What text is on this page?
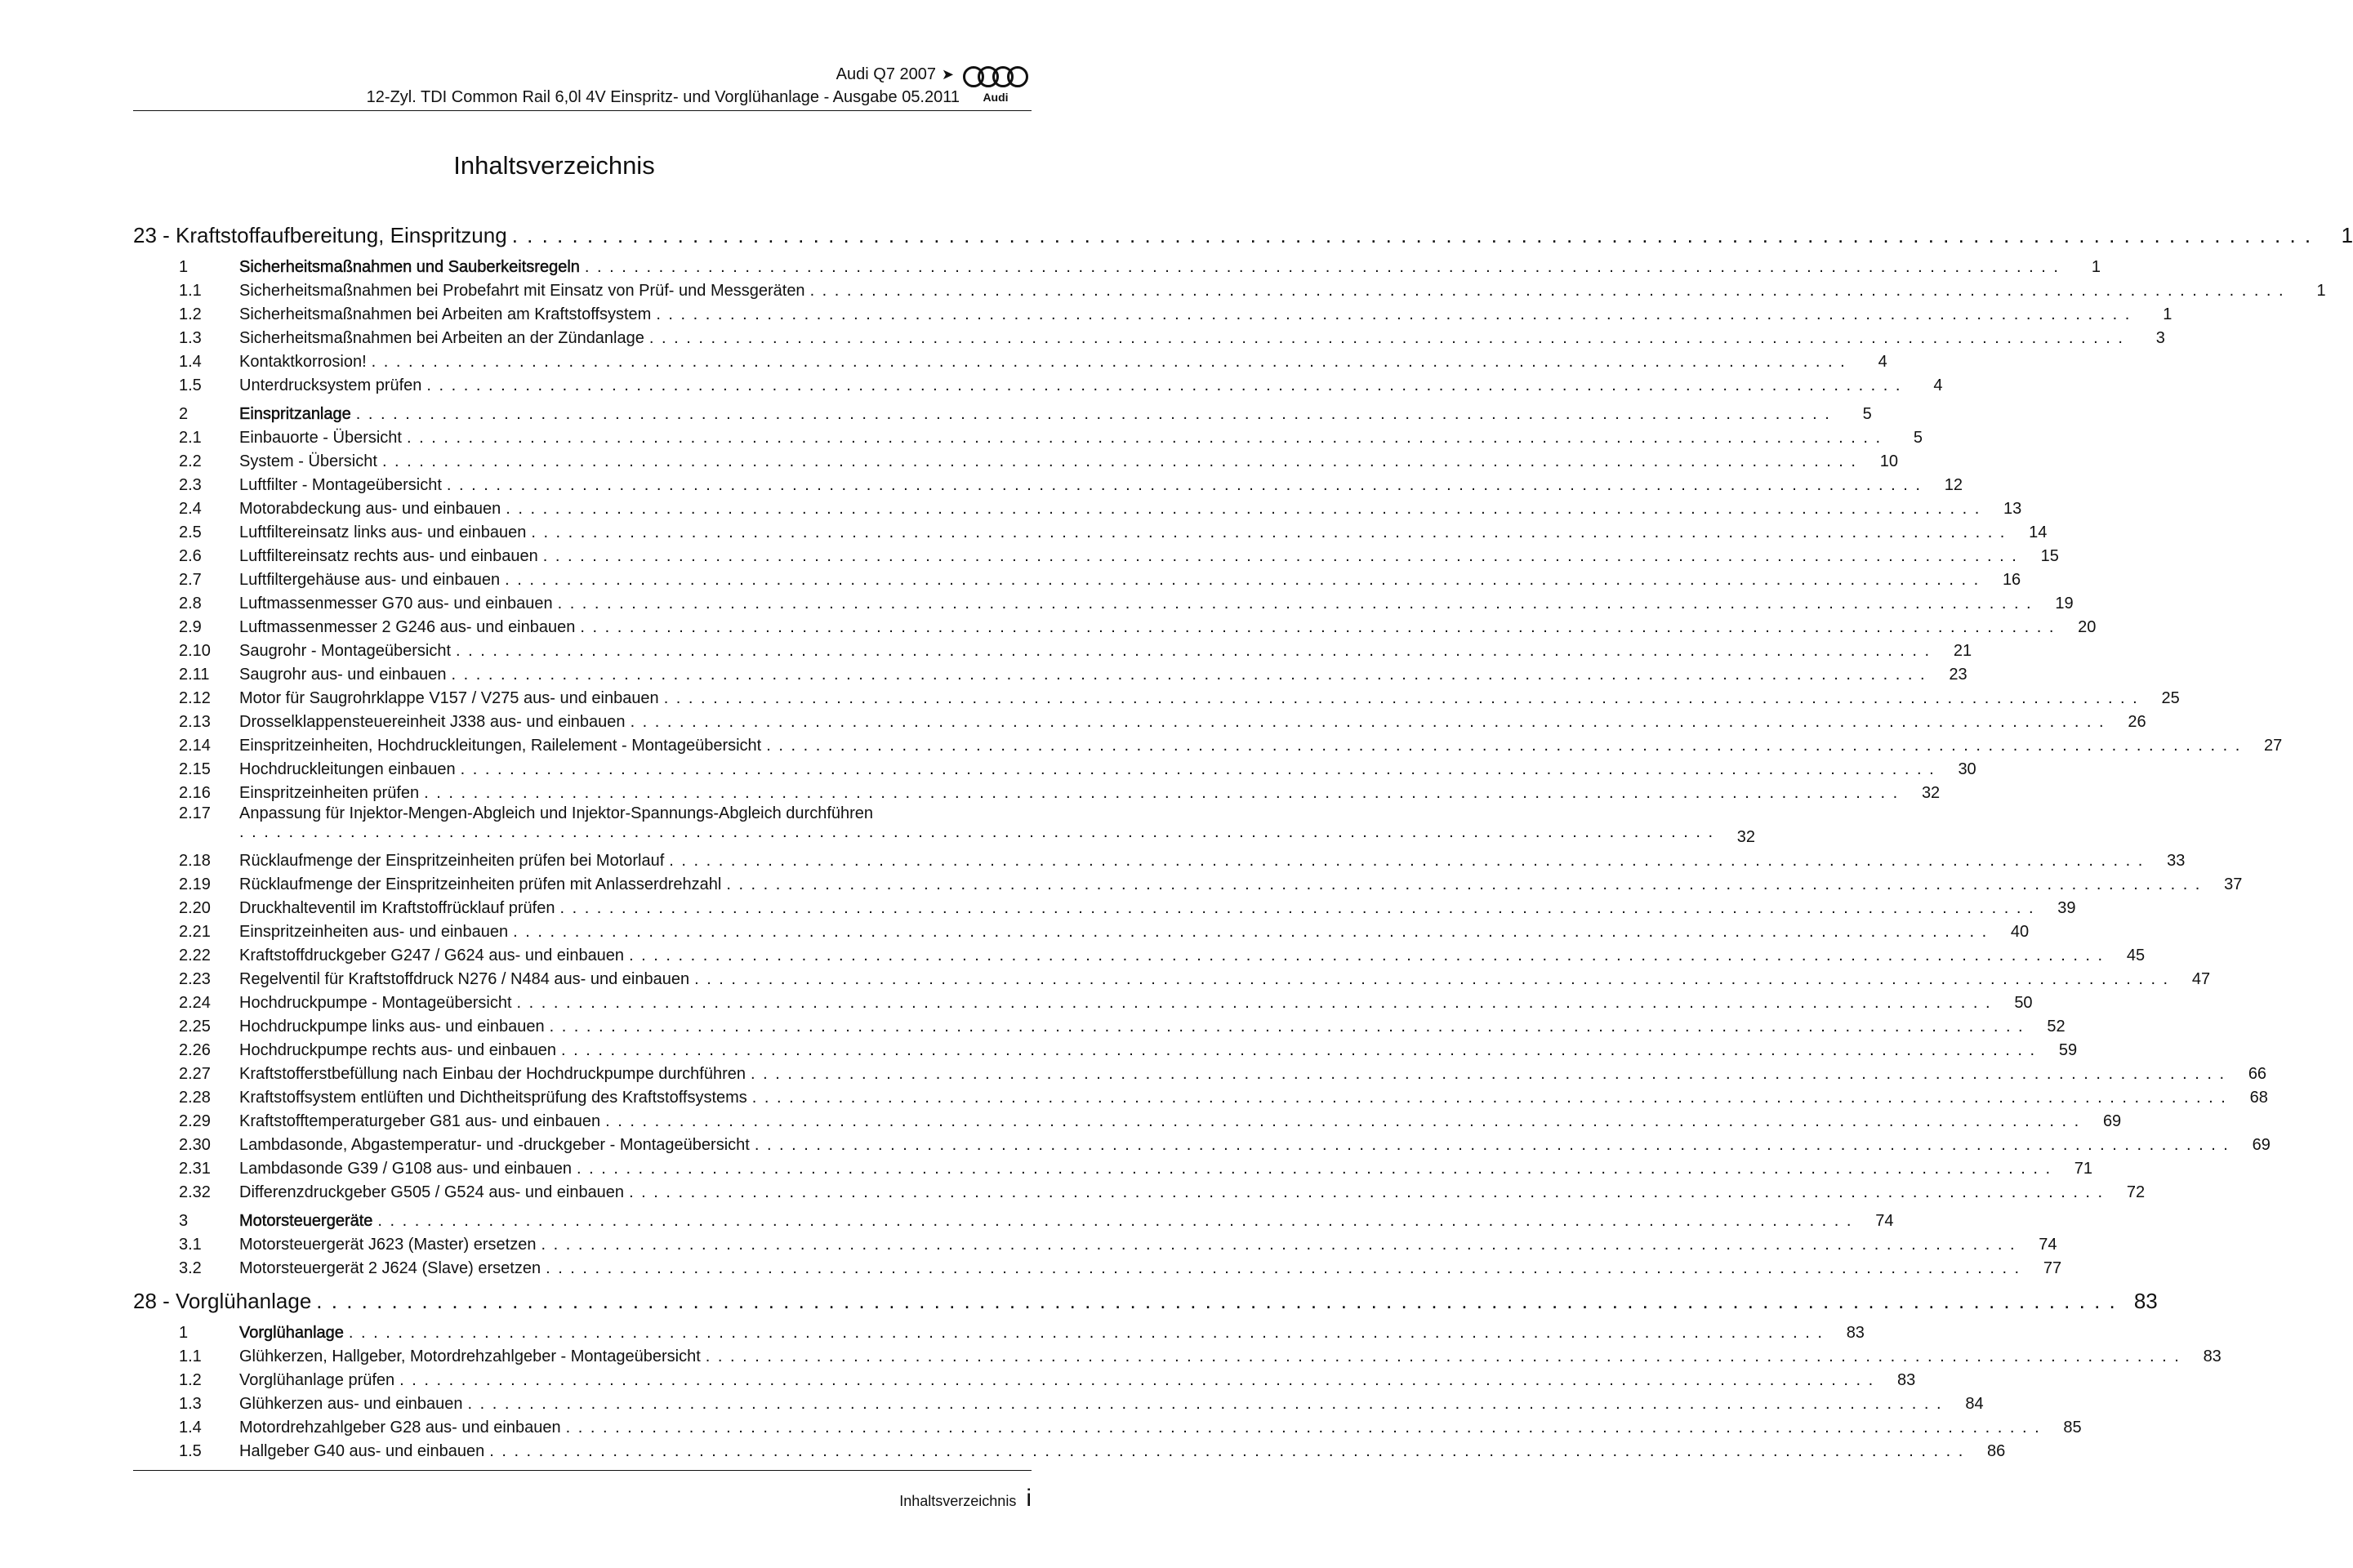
Audi Q7 2007 ➤
12-Zyl. TDI Common Rail 6,0l 4V Einspritz- und Vorglühanlage - Ausgabe 05.2011 Audi
Inhaltsverzeichnis
23 - Kraftstoffaufbereitung, Einspritzung . . . . . . . . . . . . . . . . . . . . . . . . . . . . . . . . . . . . . . . . . . . . . . . . . . . . . . . . . . . . . . . . . . . . . . . . . . . . . . . . . . . . . . . . . . . . . . . . . . . . . . . . . . . . . . . . . . . . . . . .	1
1	Sicherheitsmaßnahmen und Sauberkeitsregeln . . . . . . . . . . . . . . . . . . . . . . . . . . . . . . . . . . . . . . . . . . . . . . . . . . . . . . . . . . . . . . . . . . . . . . . . . . . . . . . . . . . . . . . . . . . . . . . . . . . . . . . . . . . . . . . . . . . . . . . .	1
1.1	Sicherheitsmaßnahmen bei Probefahrt mit Einsatz von Prüf- und Messgeräten . . . . . . . . . . . . . . . . . . . . . . . . . . . . . . . . . . . . . . . . . . . . . . . . . . . . . . . . . . . . . . . . . . . . . . . . . . . . . . . . . . . . . . . . . . . . . . . . . . . . . . . . . . . . . . . . . . . . . . . .	1
1.2	Sicherheitsmaßnahmen bei Arbeiten am Kraftstoffsystem . . . . . . . . . . . . . . . . . . . . . . . . . . . . . . . . . . . . . . . . . . . . . . . . . . . . . . . . . . . . . . . . . . . . . . . . . . . . . . . . . . . . . . . . . . . . . . . . . . . . . . . . . . . . . . . . . . . . . . . .	1
1.3	Sicherheitsmaßnahmen bei Arbeiten an der Zündanlage . . . . . . . . . . . . . . . . . . . . . . . . . . . . . . . . . . . . . . . . . . . . . . . . . . . . . . . . . . . . . . . . . . . . . . . . . . . . . . . . . . . . . . . . . . . . . . . . . . . . . . . . . . . . . . . . . . . . . . . .	3
1.4	Kontaktkorrosion! . . . . . . . . . . . . . . . . . . . . . . . . . . . . . . . . . . . . . . . . . . . . . . . . . . . . . . . . . . . . . . . . . . . . . . . . . . . . . . . . . . . . . . . . . . . . . . . . . . . . . . . . . . . . . . . . . . . . . . . .	4
1.5	Unterdrucksystem prüfen . . . . . . . . . . . . . . . . . . . . . . . . . . . . . . . . . . . . . . . . . . . . . . . . . . . . . . . . . . . . . . . . . . . . . . . . . . . . . . . . . . . . . . . . . . . . . . . . . . . . . . . . . . . . . . . . . . . . . . . .	4
2	Einspritzanlage . . . . . . . . . . . . . . . . . . . . . . . . . . . . . . . . . . . . . . . . . . . . . . . . . . . . . . . . . . . . . . . . . . . . . . . . . . . . . . . . . . . . . . . . . . . . . . . . . . . . . . . . . . . . . . . . . . . . . . . .	5
2.1	Einbauorte - Übersicht . . . . . . . . . . . . . . . . . . . . . . . . . . . . . . . . . . . . . . . . . . . . . . . . . . . . . . . . . . . . . . . . . . . . . . . . . . . . . . . . . . . . . . . . . . . . . . . . . . . . . . . . . . . . . . . . . . . . . . . .	5
2.2	System - Übersicht . . . . . . . . . . . . . . . . . . . . . . . . . . . . . . . . . . . . . . . . . . . . . . . . . . . . . . . . . . . . . . . . . . . . . . . . . . . . . . . . . . . . . . . . . . . . . . . . . . . . . . . . . . . . . . . . . . . . . . . .	10
2.3	Luftfilter - Montageübersicht . . . . . . . . . . . . . . . . . . . . . . . . . . . . . . . . . . . . . . . . . . . . . . . . . . . . . . . . . . . . . . . . . . . . . . . . . . . . . . . . . . . . . . . . . . . . . . . . . . . . . . . . . . . . . . . . . . . . . . . .	12
2.4	Motorabdeckung aus- und einbauen . . . . . . . . . . . . . . . . . . . . . . . . . . . . . . . . . . . . . . . . . . . . . . . . . . . . . . . . . . . . . . . . . . . . . . . . . . . . . . . . . . . . . . . . . . . . . . . . . . . . . . . . . . . . . . . . . . . . . . . .	13
2.5	Luftfiltereinsatz links aus- und einbauen . . . . . . . . . . . . . . . . . . . . . . . . . . . . . . . . . . . . . . . . . . . . . . . . . . . . . . . . . . . . . . . . . . . . . . . . . . . . . . . . . . . . . . . . . . . . . . . . . . . . . . . . . . . . . . . . . . . . . . . .	14
2.6	Luftfiltereinsatz rechts aus- und einbauen . . . . . . . . . . . . . . . . . . . . . . . . . . . . . . . . . . . . . . . . . . . . . . . . . . . . . . . . . . . . . . . . . . . . . . . . . . . . . . . . . . . . . . . . . . . . . . . . . . . . . . . . . . . . . . . . . . . . . . . .	15
2.7	Luftfiltergehäuse aus- und einbauen . . . . . . . . . . . . . . . . . . . . . . . . . . . . . . . . . . . . . . . . . . . . . . . . . . . . . . . . . . . . . . . . . . . . . . . . . . . . . . . . . . . . . . . . . . . . . . . . . . . . . . . . . . . . . . . . . . . . . . . .	16
2.8	Luftmassenmesser G70 aus- und einbauen . . . . . . . . . . . . . . . . . . . . . . . . . . . . . . . . . . . . . . . . . . . . . . . . . . . . . . . . . . . . . . . . . . . . . . . . . . . . . . . . . . . . . . . . . . . . . . . . . . . . . . . . . . . . . . . . . . . . . . . .	19
2.9	Luftmassenmesser 2 G246 aus- und einbauen . . . . . . . . . . . . . . . . . . . . . . . . . . . . . . . . . . . . . . . . . . . . . . . . . . . . . . . . . . . . . . . . . . . . . . . . . . . . . . . . . . . . . . . . . . . . . . . . . . . . . . . . . . . . . . . . . . . . . . . .	20
2.10	Saugrohr - Montageübersicht . . . . . . . . . . . . . . . . . . . . . . . . . . . . . . . . . . . . . . . . . . . . . . . . . . . . . . . . . . . . . . . . . . . . . . . . . . . . . . . . . . . . . . . . . . . . . . . . . . . . . . . . . . . . . . . . . . . . . . . .	21
2.11	Saugrohr aus- und einbauen . . . . . . . . . . . . . . . . . . . . . . . . . . . . . . . . . . . . . . . . . . . . . . . . . . . . . . . . . . . . . . . . . . . . . . . . . . . . . . . . . . . . . . . . . . . . . . . . . . . . . . . . . . . . . . . . . . . . . . . .	23
2.12	Motor für Saugrohrklappe V157 / V275 aus- und einbauen . . . . . . . . . . . . . . . . . . . . . . . . . . . . . . . . . . . . . . . . . . . . . . . . . . . . . . . . . . . . . . . . . . . . . . . . . . . . . . . . . . . . . . . . . . . . . . . . . . . . . . . . . . . . . . . . . . . . . . . .	25
2.13	Drosselklappensteuereinheit J338 aus- und einbauen . . . . . . . . . . . . . . . . . . . . . . . . . . . . . . . . . . . . . . . . . . . . . . . . . . . . . . . . . . . . . . . . . . . . . . . . . . . . . . . . . . . . . . . . . . . . . . . . . . . . . . . . . . . . . . . . . . . . . . . .	26
2.14	Einspritzeinheiten, Hochdruckleitungen, Railelement - Montageübersicht . . . . . . . . . . . . . . . . . . . . . . . . . . . . . . . . . . . . . . . . . . . . . . . . . . . . . . . . . . . . . . . . . . . . . . . . . . . . . . . . . . . . . . . . . . . . . . . . . . . . . . . . . . . . . . . . . . . . . . . .	27
2.15	Hochdruckleitungen einbauen . . . . . . . . . . . . . . . . . . . . . . . . . . . . . . . . . . . . . . . . . . . . . . . . . . . . . . . . . . . . . . . . . . . . . . . . . . . . . . . . . . . . . . . . . . . . . . . . . . . . . . . . . . . . . . . . . . . . . . . .	30
2.16	Einspritzeinheiten prüfen . . . . . . . . . . . . . . . . . . . . . . . . . . . . . . . . . . . . . . . . . . . . . . . . . . . . . . . . . . . . . . . . . . . . . . . . . . . . . . . . . . . . . . . . . . . . . . . . . . . . . . . . . . . . . . . . . . . . . . . .	32
2.17	Anpassung für Injektor-Mengen-Abgleich und Injektor-Spannungs-Abgleich durchführen
. . . . . . . . . . . . . . . . . . . . . . . . . . . . . . . . . . . . . . . . . . . . . . . . . . . . . . . . . . . . . . . . . . . . . . . . . . . . . . . . . . . . . . . . . . . . . . . . . . . . . . . . . . . . . . . . . . . . . . . .	32
2.18	Rücklaufmenge der Einspritzeinheiten prüfen bei Motorlauf . . . . . . . . . . . . . . . . . . . . . . . . . . . . . . . . . . . . . . . . . . . . . . . . . . . . . . . . . . . . . . . . . . . . . . . . . . . . . . . . . . . . . . . . . . . . . . . . . . . . . . . . . . . . . . . . . . . . . . . .	33
2.19	Rücklaufmenge der Einspritzeinheiten prüfen mit Anlasserdrehzahl . . . . . . . . . . . . . . . . . . . . . . . . . . . . . . . . . . . . . . . . . . . . . . . . . . . . . . . . . . . . . . . . . . . . . . . . . . . . . . . . . . . . . . . . . . . . . . . . . . . . . . . . . . . . . . . . . . . . . . . .	37
2.20	Druckhalteventil im Kraftstoffrücklauf prüfen . . . . . . . . . . . . . . . . . . . . . . . . . . . . . . . . . . . . . . . . . . . . . . . . . . . . . . . . . . . . . . . . . . . . . . . . . . . . . . . . . . . . . . . . . . . . . . . . . . . . . . . . . . . . . . . . . . . . . . . .	39
2.21	Einspritzeinheiten aus- und einbauen . . . . . . . . . . . . . . . . . . . . . . . . . . . . . . . . . . . . . . . . . . . . . . . . . . . . . . . . . . . . . . . . . . . . . . . . . . . . . . . . . . . . . . . . . . . . . . . . . . . . . . . . . . . . . . . . . . . . . . . .	40
2.22	Kraftstoffdruckgeber G247 / G624 aus- und einbauen . . . . . . . . . . . . . . . . . . . . . . . . . . . . . . . . . . . . . . . . . . . . . . . . . . . . . . . . . . . . . . . . . . . . . . . . . . . . . . . . . . . . . . . . . . . . . . . . . . . . . . . . . . . . . . . . . . . . . . . .	45
2.23	Regelventil für Kraftstoffdruck N276 / N484 aus- und einbauen . . . . . . . . . . . . . . . . . . . . . . . . . . . . . . . . . . . . . . . . . . . . . . . . . . . . . . . . . . . . . . . . . . . . . . . . . . . . . . . . . . . . . . . . . . . . . . . . . . . . . . . . . . . . . . . . . . . . . . . .	47
2.24	Hochdruckpumpe - Montageübersicht . . . . . . . . . . . . . . . . . . . . . . . . . . . . . . . . . . . . . . . . . . . . . . . . . . . . . . . . . . . . . . . . . . . . . . . . . . . . . . . . . . . . . . . . . . . . . . . . . . . . . . . . . . . . . . . . . . . . . . . .	50
2.25	Hochdruckpumpe links aus- und einbauen . . . . . . . . . . . . . . . . . . . . . . . . . . . . . . . . . . . . . . . . . . . . . . . . . . . . . . . . . . . . . . . . . . . . . . . . . . . . . . . . . . . . . . . . . . . . . . . . . . . . . . . . . . . . . . . . . . . . . . . .	52
2.26	Hochdruckpumpe rechts aus- und einbauen . . . . . . . . . . . . . . . . . . . . . . . . . . . . . . . . . . . . . . . . . . . . . . . . . . . . . . . . . . . . . . . . . . . . . . . . . . . . . . . . . . . . . . . . . . . . . . . . . . . . . . . . . . . . . . . . . . . . . . . .	59
2.27	Kraftstofferstbefüllung nach Einbau der Hochdruckpumpe durchführen . . . . . . . . . . . . . . . . . . . . . . . . . . . . . . . . . . . . . . . . . . . . . . . . . . . . . . . . . . . . . . . . . . . . . . . . . . . . . . . . . . . . . . . . . . . . . . . . . . . . . . . . . . . . . . . . . . . . . . . .	66
2.28	Kraftstoffsystem entlüften und Dichtheitsprüfung des Kraftstoffsystems . . . . . . . . . . . . . . . . . . . . . . . . . . . . . . . . . . . . . . . . . . . . . . . . . . . . . . . . . . . . . . . . . . . . . . . . . . . . . . . . . . . . . . . . . . . . . . . . . . . . . . . . . . . . . . . . . . . . . . . .	68
2.29	Kraftstofftemperaturgeber G81 aus- und einbauen . . . . . . . . . . . . . . . . . . . . . . . . . . . . . . . . . . . . . . . . . . . . . . . . . . . . . . . . . . . . . . . . . . . . . . . . . . . . . . . . . . . . . . . . . . . . . . . . . . . . . . . . . . . . . . . . . . . . . . . .	69
2.30	Lambdasonde, Abgastemperatur- und -druckgeber - Montageübersicht . . . . . . . . . . . . . . . . . . . . . . . . . . . . . . . . . . . . . . . . . . . . . . . . . . . . . . . . . . . . . . . . . . . . . . . . . . . . . . . . . . . . . . . . . . . . . . . . . . . . . . . . . . . . . . . . . . . . . . . .	69
2.31	Lambdasonde G39 / G108 aus- und einbauen . . . . . . . . . . . . . . . . . . . . . . . . . . . . . . . . . . . . . . . . . . . . . . . . . . . . . . . . . . . . . . . . . . . . . . . . . . . . . . . . . . . . . . . . . . . . . . . . . . . . . . . . . . . . . . . . . . . . . . . .	71
2.32	Differenzdruckgeber G505 / G524 aus- und einbauen . . . . . . . . . . . . . . . . . . . . . . . . . . . . . . . . . . . . . . . . . . . . . . . . . . . . . . . . . . . . . . . . . . . . . . . . . . . . . . . . . . . . . . . . . . . . . . . . . . . . . . . . . . . . . . . . . . . . . . . .	72
3	Motorsteuergeräte . . . . . . . . . . . . . . . . . . . . . . . . . . . . . . . . . . . . . . . . . . . . . . . . . . . . . . . . . . . . . . . . . . . . . . . . . . . . . . . . . . . . . . . . . . . . . . . . . . . . . . . . . . . . . . . . . . . . . . . .	74
3.1	Motorsteuergerät J623 (Master) ersetzen . . . . . . . . . . . . . . . . . . . . . . . . . . . . . . . . . . . . . . . . . . . . . . . . . . . . . . . . . . . . . . . . . . . . . . . . . . . . . . . . . . . . . . . . . . . . . . . . . . . . . . . . . . . . . . . . . . . . . . . .	74
3.2	Motorsteuergerät 2 J624 (Slave) ersetzen . . . . . . . . . . . . . . . . . . . . . . . . . . . . . . . . . . . . . . . . . . . . . . . . . . . . . . . . . . . . . . . . . . . . . . . . . . . . . . . . . . . . . . . . . . . . . . . . . . . . . . . . . . . . . . . . . . . . . . . .	77
28 - Vorglühanlage . . . . . . . . . . . . . . . . . . . . . . . . . . . . . . . . . . . . . . . . . . . . . . . . . . . . . . . . . . . . . . . . . . . . . . . . . . . . . . . . . . . . . . . . . . . . . . . . . . . . . . . . . . . . . . . . . . . . . . . . 83
1	Vorglühanlage . . . . . . . . . . . . . . . . . . . . . . . . . . . . . . . . . . . . . . . . . . . . . . . . . . . . . . . . . . . . . . . . . . . . . . . . . . . . . . . . . . . . . . . . . . . . . . . . . . . . . . . . . . . . . . . . . . . . . . . .	83
1.1	Glühkerzen, Hallgeber, Motordrehzahlgeber - Montageübersicht . . . . . . . . . . . . . . . . . . . . . . . . . . . . . . . . . . . . . . . . . . . . . . . . . . . . . . . . . . . . . . . . . . . . . . . . . . . . . . . . . . . . . . . . . . . . . . . . . . . . . . . . . . . . . . . . . . . . . . . .	83
1.2	Vorglühanlage prüfen . . . . . . . . . . . . . . . . . . . . . . . . . . . . . . . . . . . . . . . . . . . . . . . . . . . . . . . . . . . . . . . . . . . . . . . . . . . . . . . . . . . . . . . . . . . . . . . . . . . . . . . . . . . . . . . . . . . . . . . .	83
1.3	Glühkerzen aus- und einbauen . . . . . . . . . . . . . . . . . . . . . . . . . . . . . . . . . . . . . . . . . . . . . . . . . . . . . . . . . . . . . . . . . . . . . . . . . . . . . . . . . . . . . . . . . . . . . . . . . . . . . . . . . . . . . . . . . . . . . . . .	84
1.4	Motordrehzahlgeber G28 aus- und einbauen . . . . . . . . . . . . . . . . . . . . . . . . . . . . . . . . . . . . . . . . . . . . . . . . . . . . . . . . . . . . . . . . . . . . . . . . . . . . . . . . . . . . . . . . . . . . . . . . . . . . . . . . . . . . . . . . . . . . . . . .	85
1.5	Hallgeber G40 aus- und einbauen . . . . . . . . . . . . . . . . . . . . . . . . . . . . . . . . . . . . . . . . . . . . . . . . . . . . . . . . . . . . . . . . . . . . . . . . . . . . . . . . . . . . . . . . . . . . . . . . . . . . . . . . . . . . . . . . . . . . . . . .	86
Inhaltsverzeichnis i
